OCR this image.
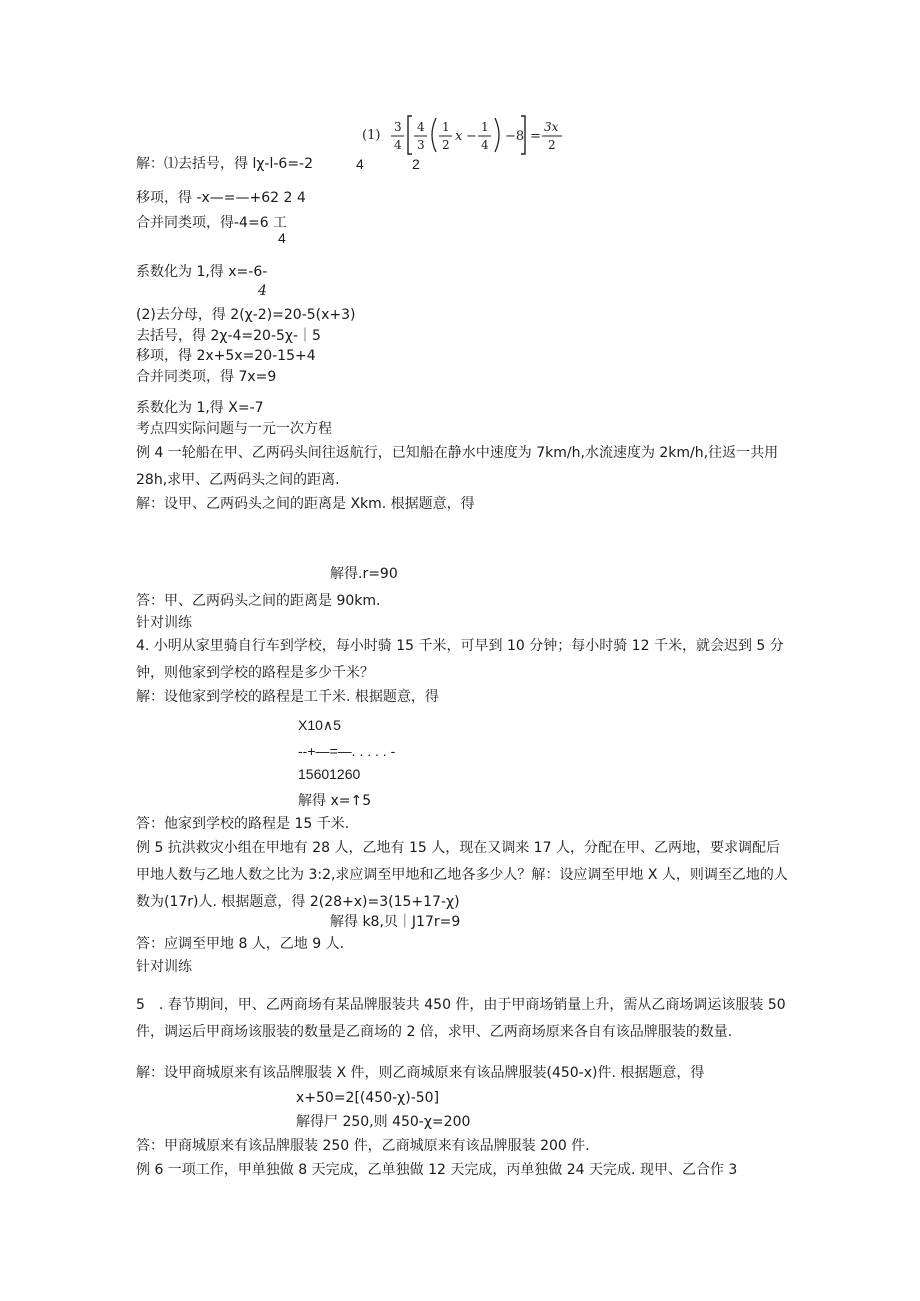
(1)
3
4
4
3
1
2
x −
1
4
−8 =
3x
2
解：⑴去括号，得 lχ-l-6=-2	4	2
移项，得 -x—=—+62 2 4
合并同类项，得-4=6 工
4
系数化为 1,得 x=-6-
4
(2)去分母，得 2(χ-2)=20-5(x+3)
去括号，得 2χ-4=20-5χ-｜5
移项，得 2x+5x=20-15+4
合并同类项，得 7x=9
系数化为 1,得 X=-7
考点四实际问题与一元一次方程
例 4 一轮船在甲、乙两码头间往返航行，已知船在静水中速度为 7km∕h,水流速度为 2km∕h,往返一共用 28h,求甲、乙两码头之间的距离.
解：设甲、乙两码头之间的距离是 Xkm. 根据题意，得
解得.r=90
答：甲、乙两码头之间的距离是 90km.
针对训练
4. 小明从家里骑自行车到学校，每小时骑 15 千米，可早到 10 分钟；每小时骑 12 千米，就会迟到 5 分钟，则他家到学校的路程是多少千米？
解：设他家到学校的路程是工千米. 根据题意，得
X10∧5
--+—=—. . . . . -
15601260
解得 x=↑5
答：他家到学校的路程是 15 千米.
例 5 抗洪救灾小组在甲地有 28 人，乙地有 15 人，现在又调来 17 人，分配在甲、乙两地，要求调配后甲地人数与乙地人数之比为 3:2,求应调至甲地和乙地各多少人？解：设应调至甲地 X 人，则调至乙地的人数为(17r)人. 根据题意，得 2(28+x)=3(15+17-χ)
解得 k8,贝｜J17r=9
答：应调至甲地 8 人，乙地 9 人.
针对训练
5　. 春节期间，甲、乙两商场有某品牌服装共 450 件，由于甲商场销量上升，需从乙商场调运该服装 50 件，调运后甲商场该服装的数量是乙商场的 2 倍，求甲、乙两商场原来各自有该品牌服装的数量.
解：设甲商城原来有该品牌服装 X 件，则乙商城原来有该品牌服装(450-x)件. 根据题意，得
x+50=2[(450-χ)-50]
解得尸 250,则 450-χ=200
答：甲商城原来有该品牌服装 250 件，乙商城原来有该品牌服装 200 件.
例 6 一项工作，甲单独做 8 天完成，乙单独做 12 天完成，丙单独做 24 天完成. 现甲、乙合作 3
